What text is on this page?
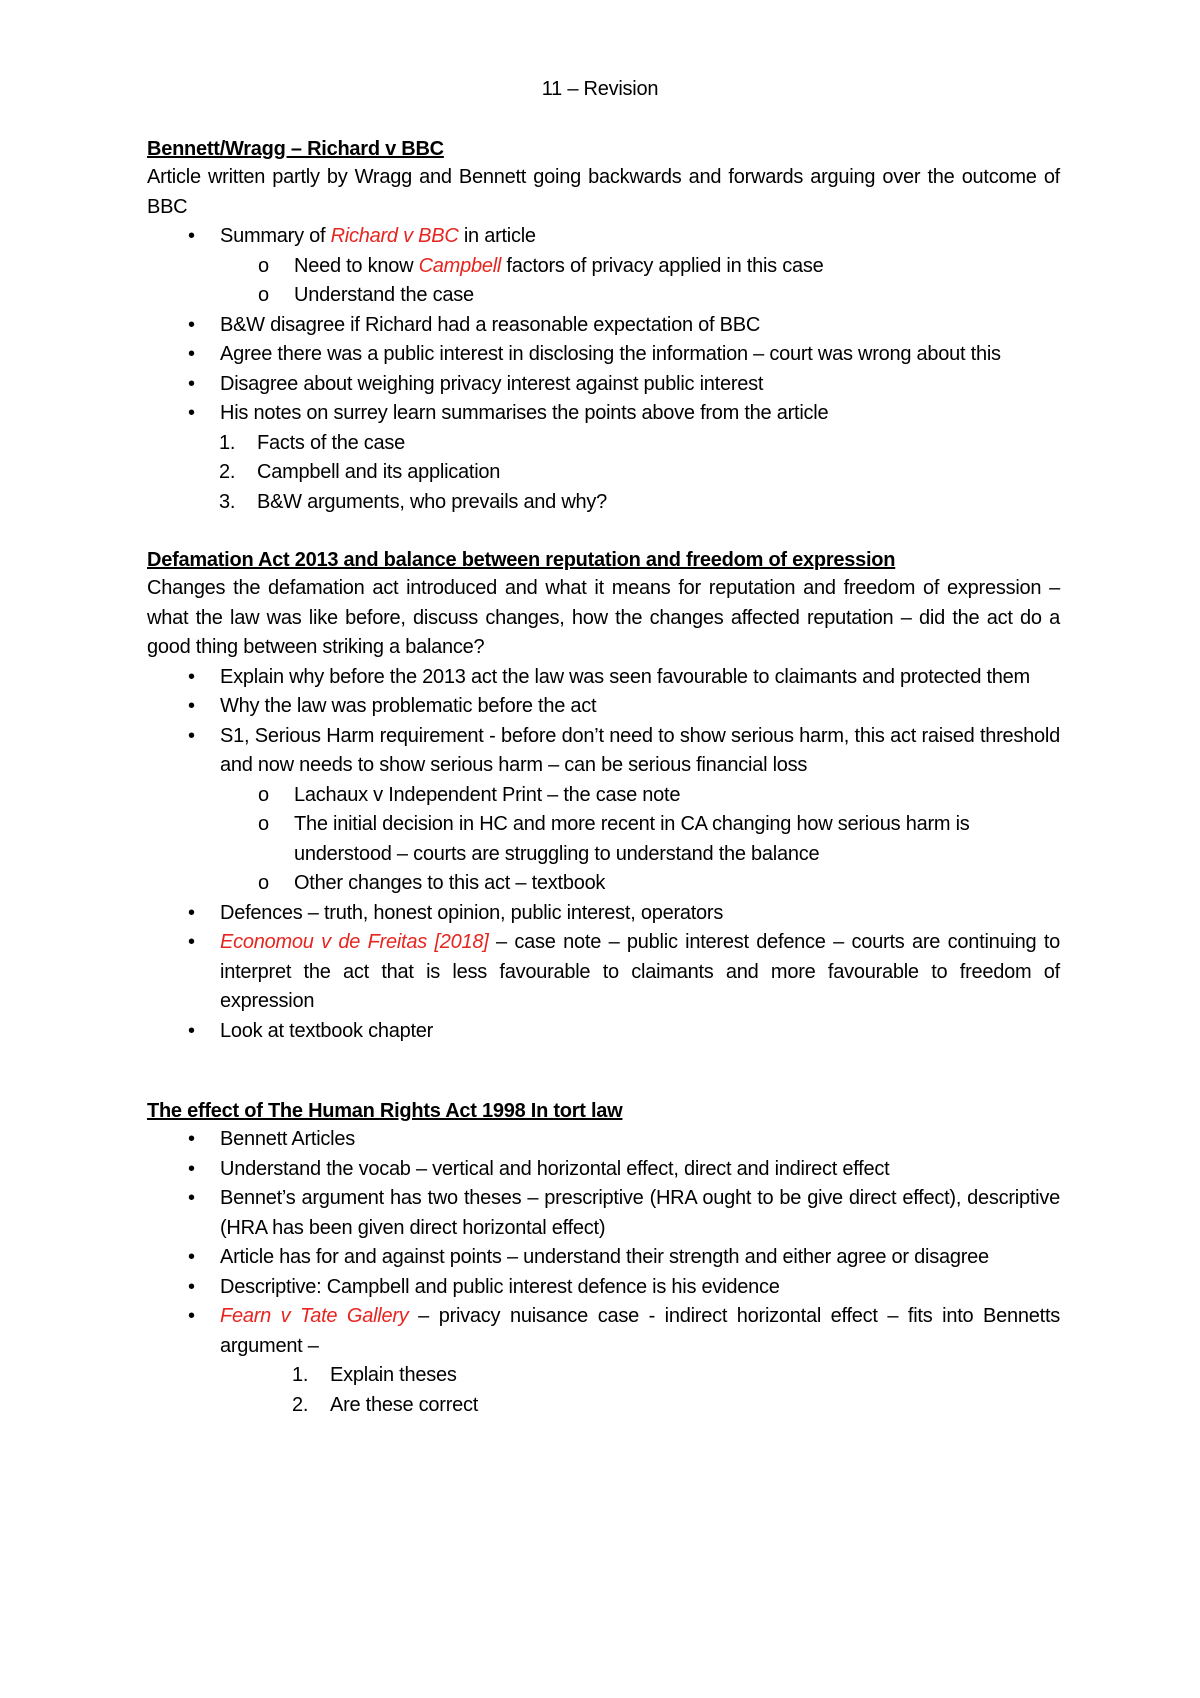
11 – Revision
Bennett/Wragg – Richard v BBC

Article written partly by Wragg and Bennett going backwards and forwards arguing over the outcome of BBC

• Summary of Richard v BBC in article
o Need to know Campbell factors of privacy applied in this case
o Understand the case
• B&W disagree if Richard had a reasonable expectation of BBC
• Agree there was a public interest in disclosing the information – court was wrong about this
• Disagree about weighing privacy interest against public interest
• His notes on surrey learn summarises the points above from the article
1. Facts of the case
2. Campbell and its application
3. B&W arguments, who prevails and why?
Defamation Act 2013 and balance between reputation and freedom of expression

Changes the defamation act introduced and what it means for reputation and freedom of expression – what the law was like before, discuss changes, how the changes affected reputation – did the act do a good thing between striking a balance?

• Explain why before the 2013 act the law was seen favourable to claimants and protected them
• Why the law was problematic before the act
• S1, Serious Harm requirement - before don’t need to show serious harm, this act raised threshold and now needs to show serious harm – can be serious financial loss
o Lachaux v Independent Print – the case note
o The initial decision in HC and more recent in CA changing how serious harm is understood – courts are struggling to understand the balance
o Other changes to this act – textbook
• Defences – truth, honest opinion, public interest, operators
• Economou v de Freitas [2018] – case note – public interest defence – courts are continuing to interpret the act that is less favourable to claimants and more favourable to freedom of expression
• Look at textbook chapter
The effect of The Human Rights Act 1998 In tort law
• Bennett Articles
• Understand the vocab – vertical and horizontal effect, direct and indirect effect
• Bennet’s argument has two theses – prescriptive (HRA ought to be give direct effect), descriptive (HRA has been given direct horizontal effect)
• Article has for and against points – understand their strength and either agree or disagree
• Descriptive: Campbell and public interest defence is his evidence
• Fearn v Tate Gallery – privacy nuisance case - indirect horizontal effect – fits into Bennetts argument –
1. Explain theses
2. Are these correct
